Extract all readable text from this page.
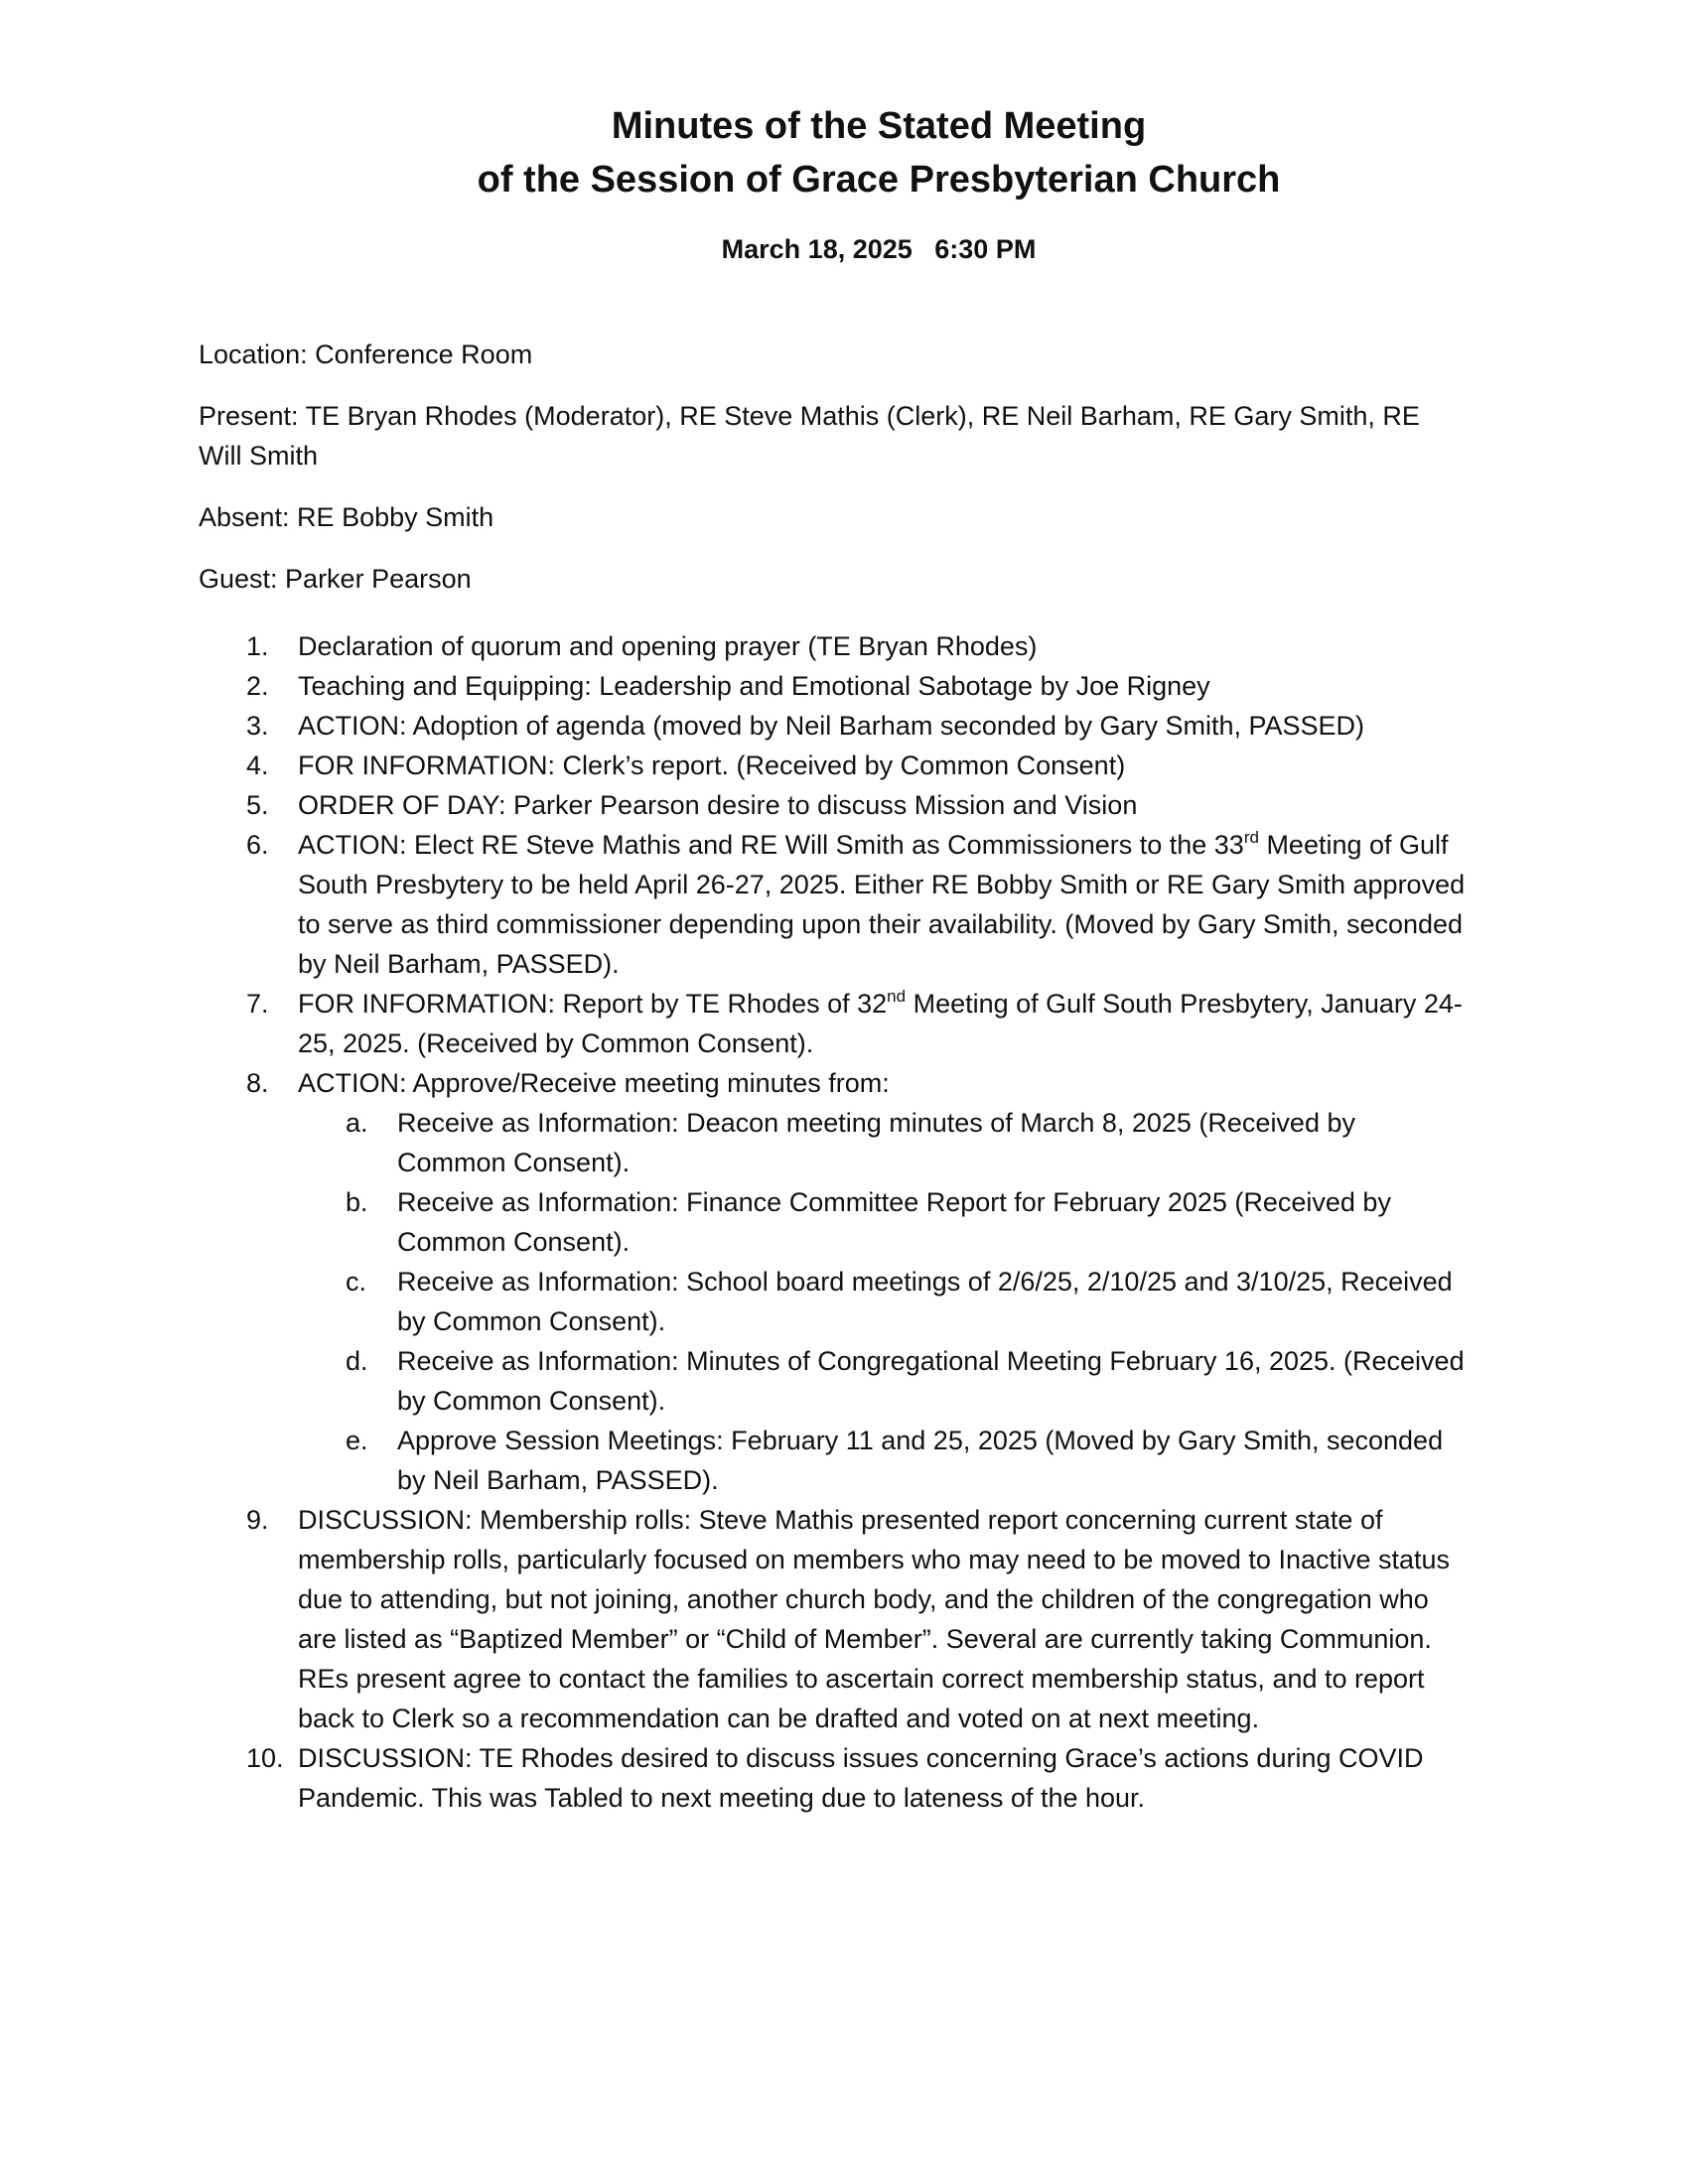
Minutes of the Stated Meeting

of the Session of Grace Presbyterian Church

March 18, 2025   6:30 PM

Location: Conference Room

Present: TE Bryan Rhodes (Moderator), RE Steve Mathis (Clerk), RE Neil Barham, RE Gary Smith, RE Will Smith

Absent: RE Bobby Smith

Guest: Parker Pearson

1. Declaration of quorum and opening prayer (TE Bryan Rhodes)
2. Teaching and Equipping: Leadership and Emotional Sabotage by Joe Rigney
3. ACTION: Adoption of agenda (moved by Neil Barham seconded by Gary Smith, PASSED)
4. FOR INFORMATION: Clerk’s report. (Received by Common Consent)
5. ORDER OF DAY: Parker Pearson desire to discuss Mission and Vision
6. ACTION: Elect RE Steve Mathis and RE Will Smith as Commissioners to the 33rd Meeting of Gulf South Presbytery to be held April 26-27, 2025. Either RE Bobby Smith or RE Gary Smith approved to serve as third commissioner depending upon their availability. (Moved by Gary Smith, seconded by Neil Barham, PASSED).
7. FOR INFORMATION: Report by TE Rhodes of 32nd Meeting of Gulf South Presbytery, January 24-25, 2025. (Received by Common Consent).
8. ACTION: Approve/Receive meeting minutes from:
a. Receive as Information: Deacon meeting minutes of March 8, 2025 (Received by Common Consent).
b. Receive as Information: Finance Committee Report for February 2025 (Received by Common Consent).
c. Receive as Information: School board meetings of 2/6/25, 2/10/25 and 3/10/25, Received by Common Consent).
d. Receive as Information: Minutes of Congregational Meeting February 16, 2025. (Received by Common Consent).
e. Approve Session Meetings: February 11 and 25, 2025 (Moved by Gary Smith, seconded by Neil Barham, PASSED).
9. DISCUSSION: Membership rolls: Steve Mathis presented report concerning current state of membership rolls, particularly focused on members who may need to be moved to Inactive status due to attending, but not joining, another church body, and the children of the congregation who are listed as “Baptized Member” or “Child of Member”. Several are currently taking Communion. REs present agree to contact the families to ascertain correct membership status, and to report back to Clerk so a recommendation can be drafted and voted on at next meeting.
10. DISCUSSION: TE Rhodes desired to discuss issues concerning Grace’s actions during COVID Pandemic. This was Tabled to next meeting due to lateness of the hour.
